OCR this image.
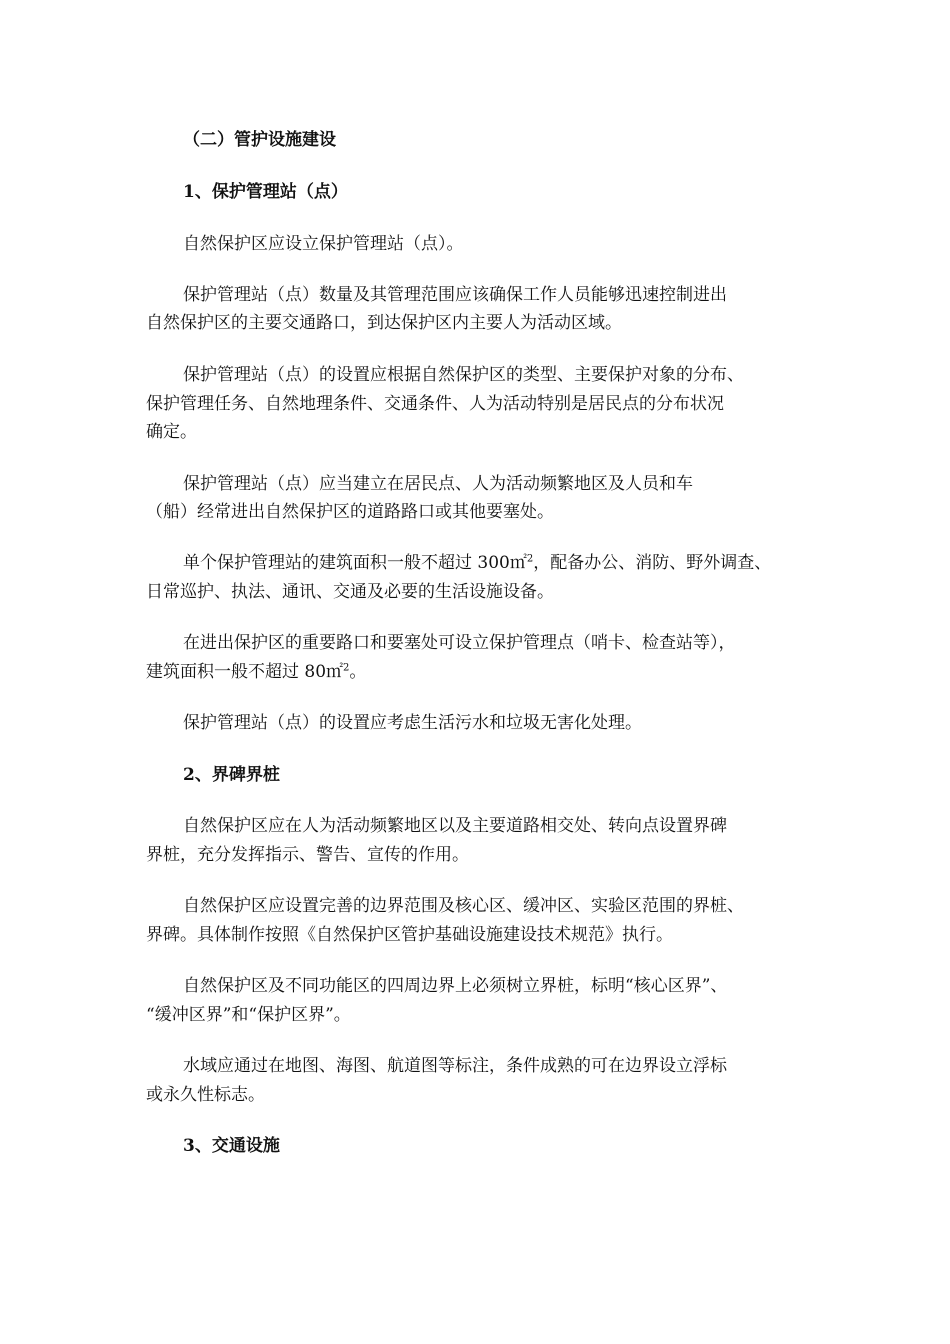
（二）管护设施建设
1、保护管理站（点）
自然保护区应设立保护管理站（点）。
保护管理站（点）数量及其管理范围应该确保工作人员能够迅速控制进出
自然保护区的主要交通路口，到达保护区内主要人为活动区域。
保护管理站（点）的设置应根据自然保护区的类型、主要保护对象的分布、
保护管理任务、自然地理条件、交通条件、人为活动特别是居民点的分布状况
确定。
保护管理站（点）应当建立在居民点、人为活动频繁地区及人员和车
（船）经常进出自然保护区的道路路口或其他要塞处。
单个保护管理站的建筑面积一般不超过 300㎡$^2$，配备办公、消防、野外调查、
日常巡护、执法、通讯、交通及必要的生活设施设备。
在进出保护区的重要路口和要塞处可设立保护管理点（哨卡、检查站等），
建筑面积一般不超过 80㎡$^2$。
保护管理站（点）的设置应考虑生活污水和垃圾无害化处理。
2、界碑界桩
自然保护区应在人为活动频繁地区以及主要道路相交处、转向点设置界碑
界桩，充分发挥指示、警告、宣传的作用。
自然保护区应设置完善的边界范围及核心区、缓冲区、实验区范围的界桩、
界碑。具体制作按照《自然保护区管护基础设施建设技术规范》执行。
自然保护区及不同功能区的四周边界上必须树立界桩，标明“核心区界”、
“缓冲区界”和“保护区界”。
水域应通过在地图、海图、航道图等标注，条件成熟的可在边界设立浮标
或永久性标志。
3、交通设施
